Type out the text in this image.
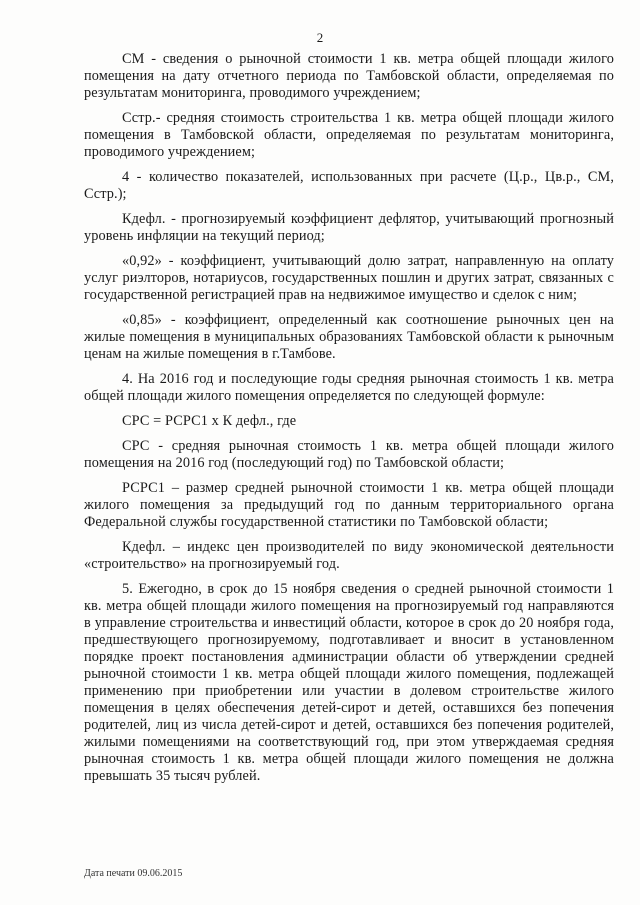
2

СМ - сведения о рыночной стоимости 1 кв. метра общей площади жилого помещения на дату отчетного периода по Тамбовской области, определяемая по результатам мониторинга, проводимого учреждением;

Сстр.- средняя стоимость строительства 1 кв. метра общей площади жилого помещения в Тамбовской области, определяемая по результатам мониторинга, проводимого учреждением;

4 - количество показателей, использованных при расчете (Ц.р., Цв.р., СМ, Сстр.);

Кдефл. - прогнозируемый коэффициент дефлятор, учитывающий прогнозный уровень инфляции на текущий период;

«0,92» - коэффициент, учитывающий долю затрат, направленную на оплату услуг риэлторов, нотариусов, государственных пошлин и других затрат, связанных с государственной регистрацией прав на недвижимое имущество и сделок с ним;

«0,85» - коэффициент, определенный как соотношение рыночных цен на жилые помещения в муниципальных образованиях Тамбовской области к рыночным ценам на жилые помещения в г.Тамбове.

4. На 2016 год и последующие годы средняя рыночная стоимость 1 кв. метра общей площади жилого помещения определяется по следующей формуле:

СРС = РСРС1 х К дефл., где

СРС - средняя рыночная стоимость 1 кв. метра общей площади жилого помещения на 2016 год (последующий год) по Тамбовской области;

РСРС1 – размер средней рыночной стоимости 1 кв. метра общей площади жилого помещения за предыдущий год по данным территориального органа Федеральной службы государственной статистики по Тамбовской области;

Кдефл. – индекс цен производителей по виду экономической деятельности «строительство» на прогнозируемый год.

5. Ежегодно, в срок до 15 ноября сведения о средней рыночной стоимости 1 кв. метра общей площади жилого помещения на прогнозируемый год направляются в управление строительства и инвестиций области, которое в срок до 20 ноября года, предшествующего прогнозируемому, подготавливает и вносит в установленном порядке проект постановления администрации области об утверждении средней рыночной стоимости 1 кв. метра общей площади жилого помещения, подлежащей применению при приобретении или участии в долевом строительстве жилого помещения в целях обеспечения детей-сирот и детей, оставшихся без попечения родителей, лиц из числа детей-сирот и детей, оставшихся без попечения родителей, жилыми помещениями на соответствующий год, при этом утверждаемая средняя рыночная стоимость 1 кв. метра общей площади жилого помещения не должна превышать 35 тысяч рублей.

Дата печати 09.06.2015
